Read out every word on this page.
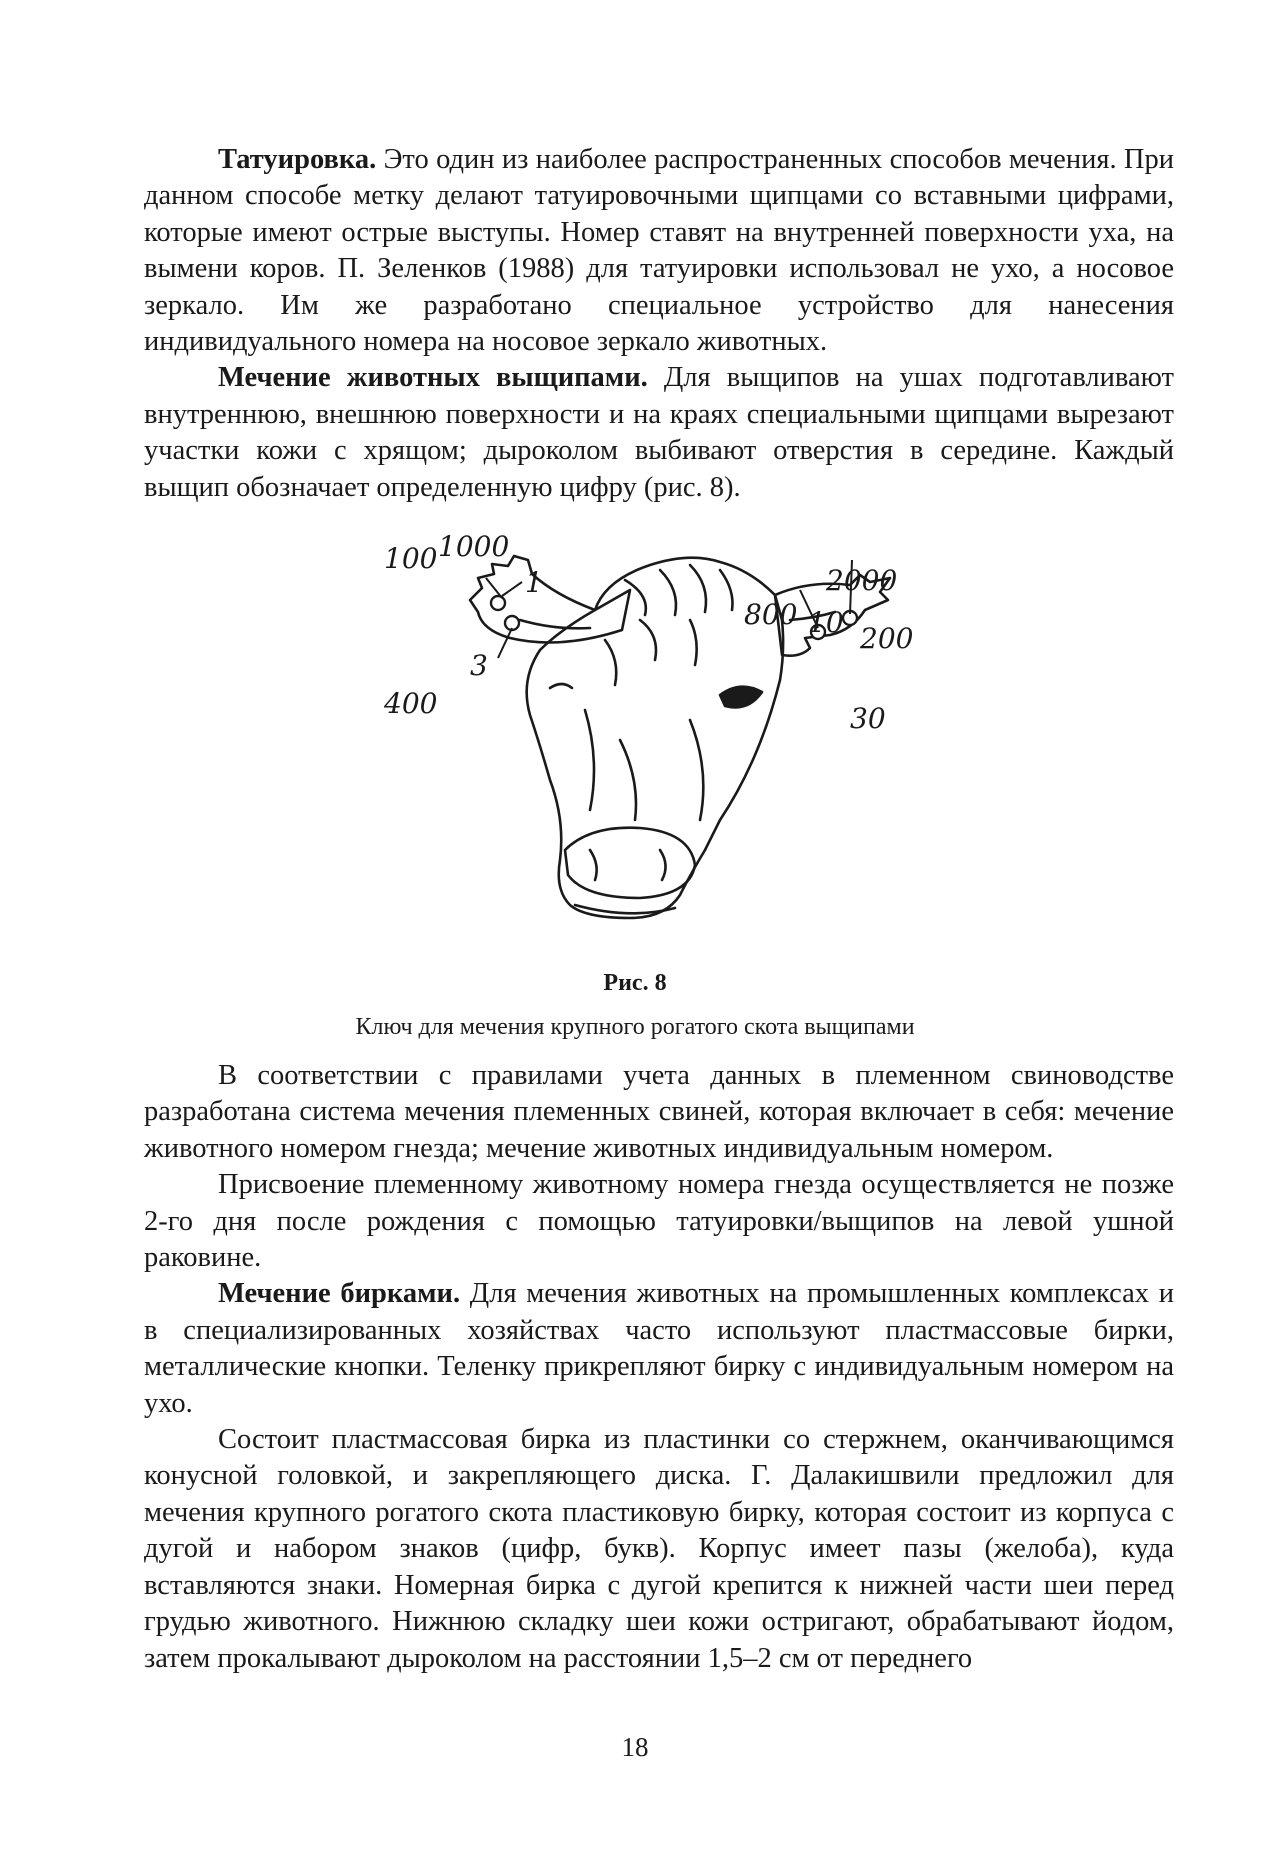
Татуировка. Это один из наиболее распространенных способов мечения. При данном способе метку делают татуировочными щипцами со вставными цифрами, которые имеют острые выступы. Номер ставят на внутренней поверхности уха, на вымени коров. П. Зеленков (1988) для татуировки использовал не ухо, а носовое зеркало. Им же разработано специальное устройство для нанесения индивидуального номера на носовое зеркало животных.

Мечение животных выщипами. Для выщипов на ушах подготавливают внутреннюю, внешнюю поверхности и на краях специальными щипцами вырезают участки кожи с хрящом; дыроколом выбивают отверстия в середине. Каждый выщип обозначает определенную цифру (рис. 8).

100 1000
1
3
400
2000
800 10 200
30
Рис. 8
Ключ для мечения крупного рогатого скота выщипами

В соответствии с правилами учета данных в племенном свиноводстве разработана система мечения племенных свиней, которая включает в себя: мечение животного номером гнезда; мечение животных индивидуальным номером.

Присвоение племенному животному номера гнезда осуществляется не позже 2-го дня после рождения с помощью татуировки/выщипов на левой ушной раковине.

Мечение бирками. Для мечения животных на промышленных комплексах и в специализированных хозяйствах часто используют пластмассовые бирки, металлические кнопки. Теленку прикрепляют бирку с индивидуальным номером на ухо.

Состоит пластмассовая бирка из пластинки со стержнем, оканчивающимся конусной головкой, и закрепляющего диска. Г. Далакишвили предложил для мечения крупного рогатого скота пластиковую бирку, которая состоит из корпуса с дугой и набором знаков (цифр, букв). Корпус имеет пазы (желоба), куда вставляются знаки. Номерная бирка с дугой крепится к нижней части шеи перед грудью животного. Нижнюю складку шеи кожи остригают, обрабатывают йодом, затем прокалывают дыроколом на расстоянии 1,5–2 см от переднего

18
